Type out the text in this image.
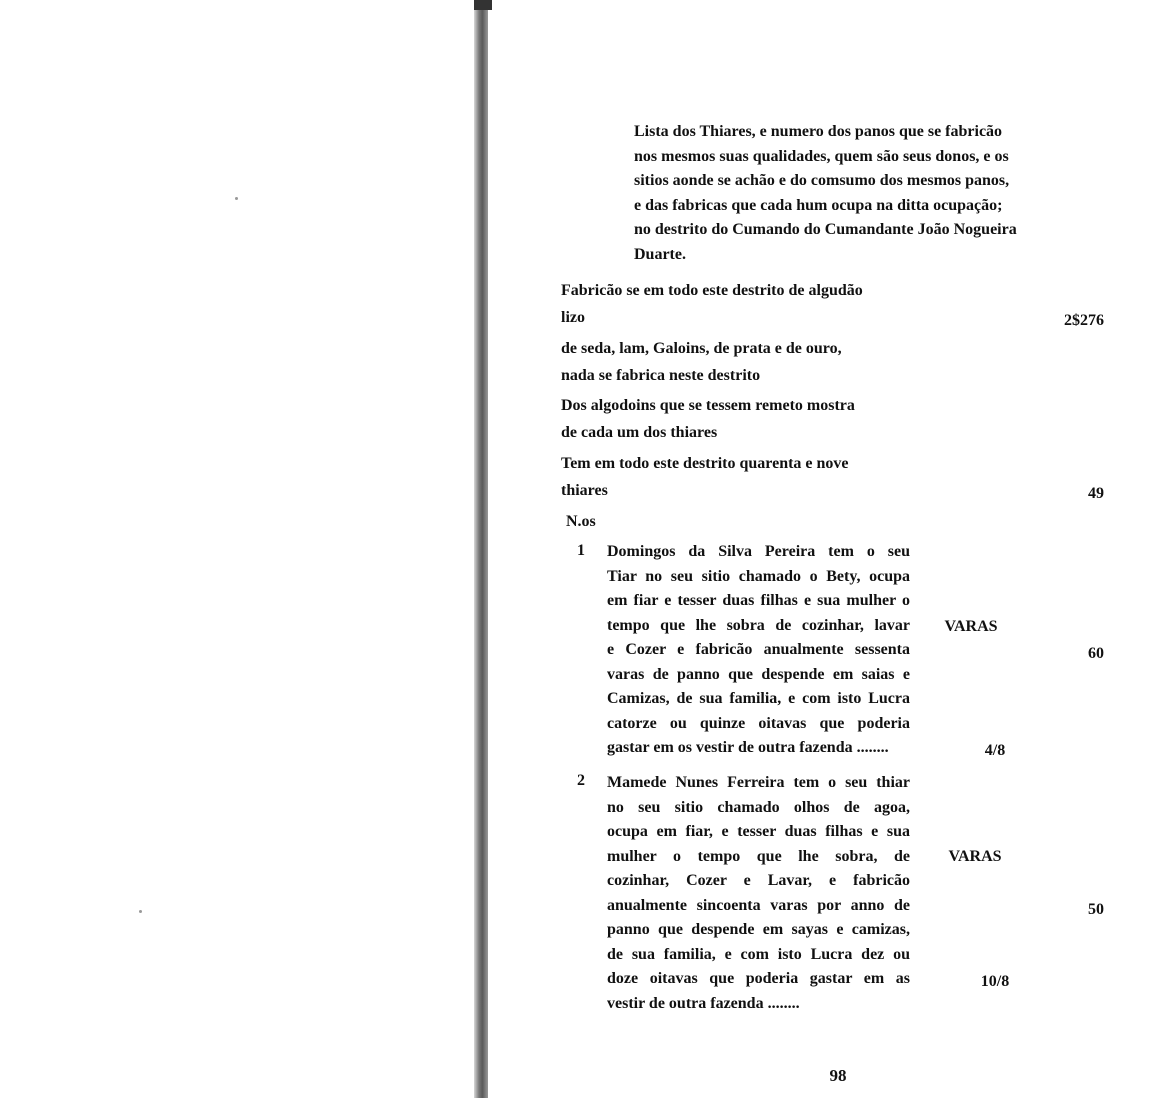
Lista dos Thiares, e numero dos panos que se fabricão
nos mesmos suas qualidades, quem são seus donos, e os
sitios aonde se achão e do comsumo dos mesmos panos,
e das fabricas que cada hum ocupa na ditta ocupação;
no destrito do Cumando do Cumandante João Nogueira
Duarte.
Fabricão se em todo este destrito de algudão
lizo	2$276
de seda, lam, Galoins, de prata e de ouro,
nada se fabrica neste destrito
Dos algodoins que se tessem remeto mostra
de cada um dos thiares
Tem em todo este destrito quarenta e nove
thiares	49
N.os
1 Domingos da Silva Pereira tem o seu
Tiar no seu sitio chamado o Bety, ocupa
em fiar e tesser duas filhas e sua mulher o
tempo que lhe sobra de cozinhar, lavar
e Cozer e fabricão anualmente sessenta
varas de panno que despende em saias e
Camizas, de sua familia, e com isto Lucra
catorze ou quinze oitavas que poderia
gastar em os vestir de outra fazenda ........
VARAS
60
4/8
2 Mamede Nunes Ferreira tem o seu thiar
no seu sitio chamado olhos de agoa,
ocupa em fiar, e tesser duas filhas e sua
mulher o tempo que lhe sobra, de
cozinhar, Cozer e Lavar, e fabricão
anualmente sincoenta varas por anno de
panno que despende em sayas e camizas,
de sua familia, e com isto Lucra dez ou
doze oitavas que poderia gastar em as
vestir de outra fazenda ........
VARAS
50
10/8
98
